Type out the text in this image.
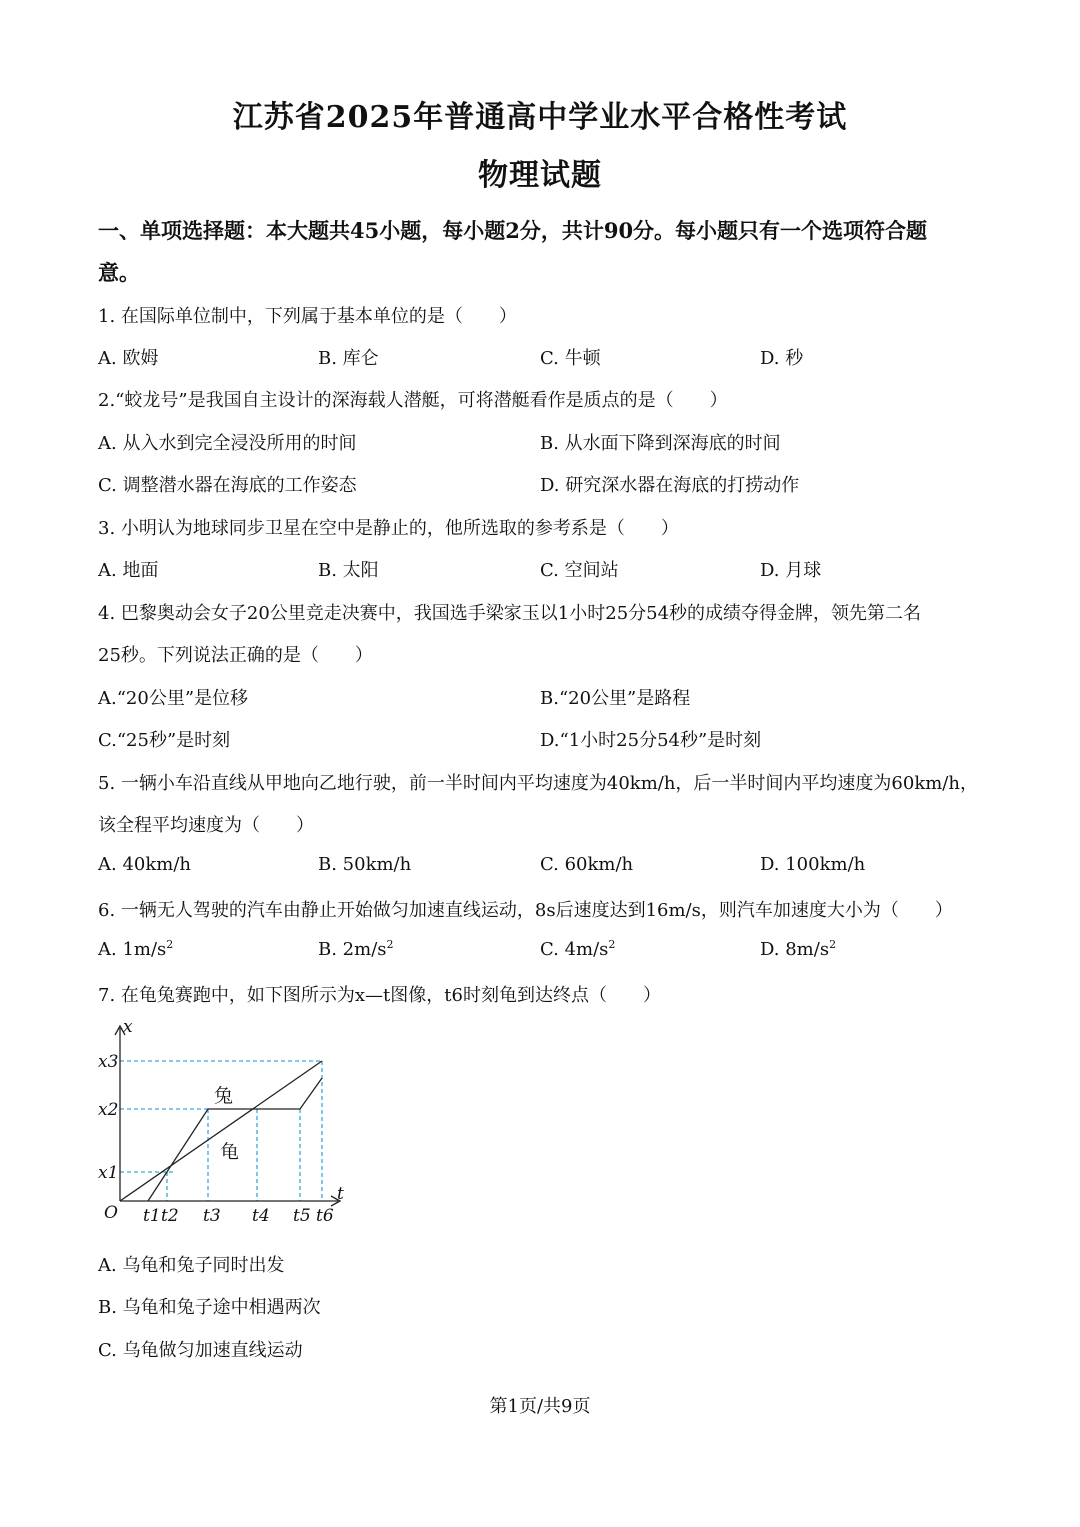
江苏省2025年普通高中学业水平合格性考试
物理试题
一、单项选择题：本大题共45小题，每小题2分，共计90分。每小题只有一个选项符合题
意。
1. 在国际单位制中，下列属于基本单位的是（　　）
A. 欧姆	B. 库仑	C. 牛顿	D. 秒
2.“蛟龙号”是我国自主设计的深海载人潜艇，可将潜艇看作是质点的是（　　）
A. 从入水到完全浸没所用的时间	B. 从水面下降到深海底的时间
C. 调整潜水器在海底的工作姿态	D. 研究深水器在海底的打捞动作
3. 小明认为地球同步卫星在空中是静止的，他所选取的参考系是（　　）
A. 地面	B. 太阳	C. 空间站	D. 月球
4. 巴黎奥动会女子20公里竞走决赛中，我国选手梁家玉以1小时25分54秒的成绩夺得金牌，领先第二名
25秒。下列说法正确的是（　　）
A.“20公里”是位移	B.“20公里”是路程
C.“25秒”是时刻	D.“1小时25分54秒”是时刻
5. 一辆小车沿直线从甲地向乙地行驶，前一半时间内平均速度为40km/h，后一半时间内平均速度为60km/h，
该全程平均速度为（　　）
A. 40km/h	B. 50km/h	C. 60km/h	D. 100km/h
6. 一辆无人驾驶的汽车由静止开始做匀加速直线运动，8s后速度达到16m/s，则汽车加速度大小为（　　）
A. $1m/s^2$	B. $2m/s^2$	C. $4m/s^2$	D. $8m/s^2$
7. 在龟兔赛跑中，如下图所示为x—t图像，t6时刻龟到达终点（　　）
x
t
O
x3
x2
x1
t1 t2 t3 t4 t5 t6
兔
龟
A. 乌龟和兔子同时出发
B. 乌龟和兔子途中相遇两次
C. 乌龟做匀加速直线运动
第1页/共9页
